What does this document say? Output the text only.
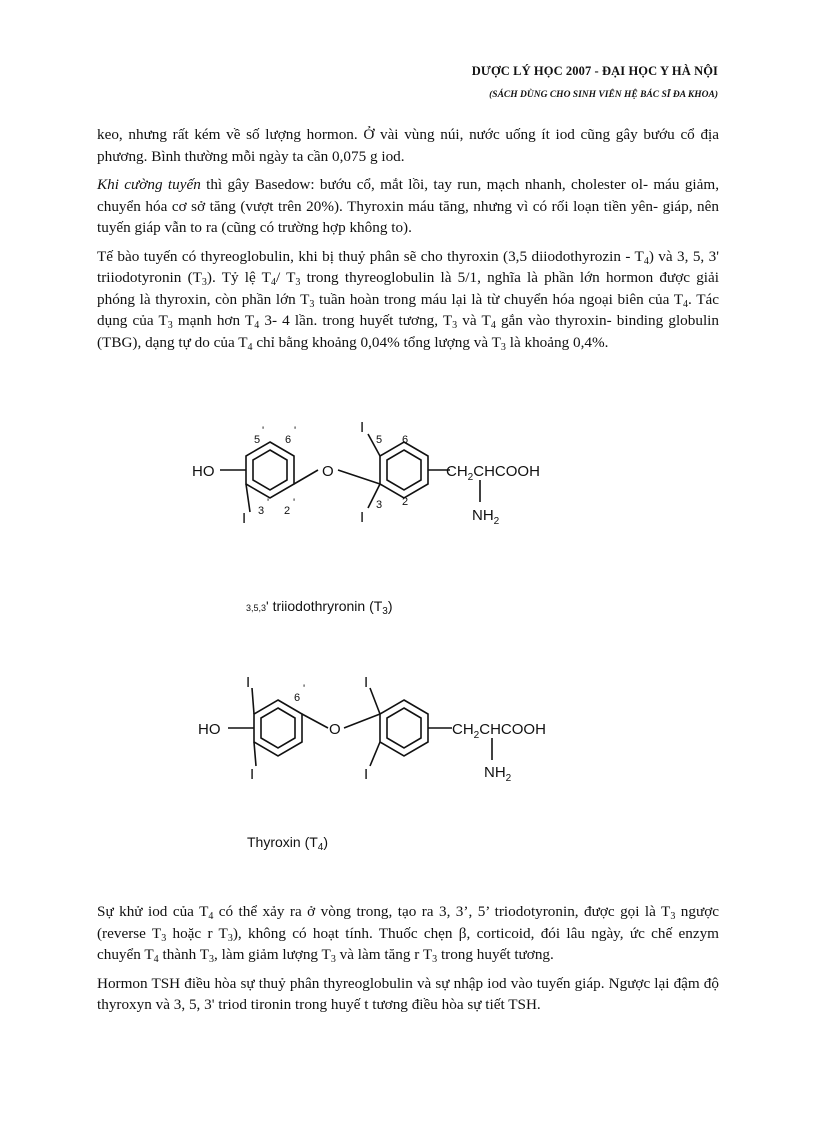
DƯỢC LÝ HỌC 2007 - ĐẠI HỌC Y HÀ NỘI
(SÁCH DÙNG CHO SINH VIÊN HỆ BÁC SĨ ĐA KHOA)

keo, nhưng rất kém về số lượng hormon. Ở vài vùng núi, nước uống ít iod cũng gây bướu cổ địa phương. Bình thường mỗi ngày ta cần 0,075 g iod.

Khi cường tuyến thì gây Basedow: bướu cổ, mắt lồi, tay run, mạch nhanh, cholester ol- máu giảm, chuyển hóa cơ sở tăng (vượt trên 20%). Thyroxin máu tăng, nhưng vì có rối loạn tiền yên- giáp, nên tuyến giáp vẫn to ra (cũng có trường hợp không to).

Tế bào tuyến có thyreoglobulin, khi bị thuỷ phân sẽ cho thyroxin (3,5 diiodothyrozin - $T_4$) và 3, 5, 3' triiodotyronin $(T_3)$. Tỷ lệ $T_4/$ $T_3$ trong thyreoglobulin là 5/1, nghĩa là phần lớn hormon được giải phóng là thyroxin, còn phần lớn $T_3$ tuần hoàn trong máu lại là từ chuyển hóa ngoại biên của $T_4$. Tác dụng của $T_3$ mạnh hơn $T_4$ 3- 4 lần. trong huyết tương, $T_3$ và $T_4$ gắn vào thyroxin- binding globulin (TBG), dạng tự do của $T_4$ chỉ bằng khoảng 0,04% tổng lượng và $T_3$ là khoảng 0,4%.

HO	O
I
I
I
5
'
6
'
3
'
2
'
5 6
3 2
$CH_2CHCOOH$
$NH_2$
3,5,3' triiodothryronin $(T_3)$
HO	O
I
I
I
I
6
'
$CH_2CHCOOH$
$NH_2$
Thyroxin $(T_4)$

Sự khử iod của $T_4$ có thể xảy ra ở vòng trong, tạo ra 3, 3’, 5’ triodotyronin, được gọi là $T_3$ ngược (reverse $T_3$ hoặc r $T_3$), không có hoạt tính. Thuốc chẹn β, corticoid, đói lâu ngày, ức chế enzym chuyển $T_4$ thành $T_3$, làm giảm lượng $T_3$ và làm tăng r $T_3$ trong huyết tương.

Hormon TSH điều hòa sự thuỷ phân thyreoglobulin và sự nhập iod vào tuyến giáp. Ngược lại đậm độ thyroxyn và 3, 5, 3' triod tironin trong huyế t tương điều hòa sự tiết TSH.
